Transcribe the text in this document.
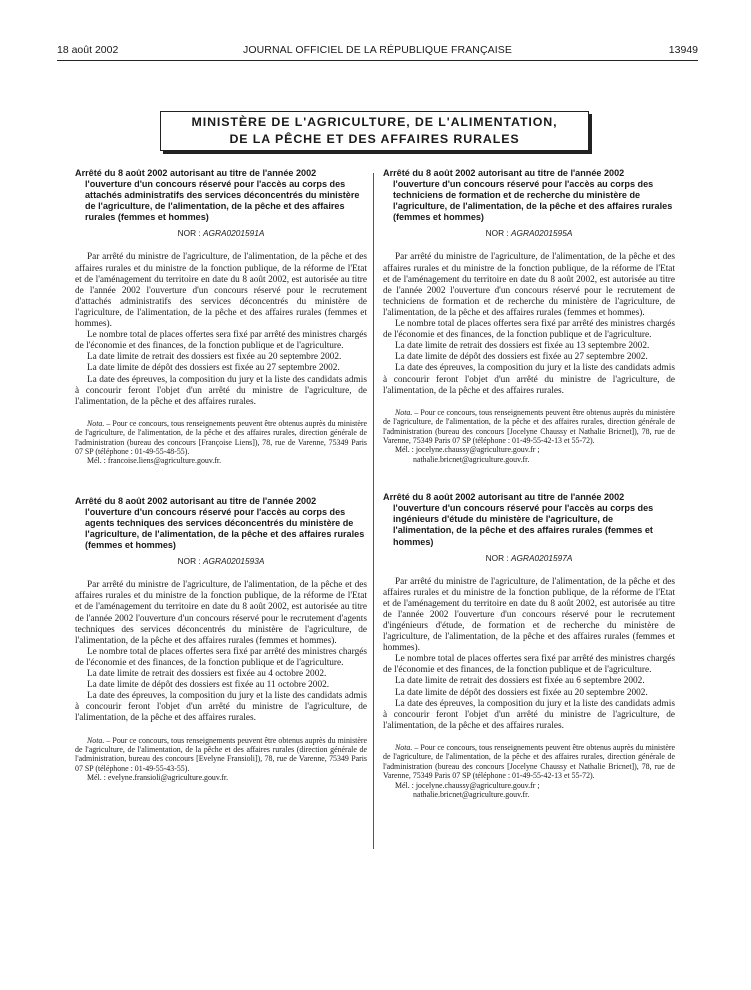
18 août 2002	JOURNAL OFFICIEL DE LA RÉPUBLIQUE FRANÇAISE	13949
MINISTÈRE DE L'AGRICULTURE, DE L'ALIMENTATION,
DE LA PÊCHE ET DES AFFAIRES RURALES
Arrêté du 8 août 2002 autorisant au titre de l'année 2002
l'ouverture d'un concours réservé pour l'accès au corps des attachés administratifs des services déconcentrés du ministère de l'agriculture, de l'alimentation, de la pêche et des affaires rurales (femmes et hommes)
NOR : AGRA0201591A

Par arrêté du ministre de l'agriculture, de l'alimentation, de la pêche et des affaires rurales et du ministre de la fonction publique, de la réforme de l'Etat et de l'aménagement du territoire en date du 8 août 2002, est autorisée au titre de l'année 2002 l'ouverture d'un concours réservé pour le recrutement d'attachés administratifs des services déconcentrés du ministère de l'agriculture, de l'alimentation, de la pêche et des affaires rurales (femmes et hommes).

Le nombre total de places offertes sera fixé par arrêté des ministres chargés de l'économie et des finances, de la fonction publique et de l'agriculture.

La date limite de retrait des dossiers est fixée au 20 septembre 2002.

La date limite de dépôt des dossiers est fixée au 27 septembre 2002.

La date des épreuves, la composition du jury et la liste des candidats admis à concourir feront l'objet d'un arrêté du ministre de l'agriculture, de l'alimentation, de la pêche et des affaires rurales.

Nota. – Pour ce concours, tous renseignements peuvent être obtenus auprès du ministère de l'agriculture, de l'alimentation, de la pêche et des affaires rurales, direction générale de l'administration (bureau des concours [Françoise Liens]), 78, rue de Varenne, 75349 Paris 07 SP (téléphone : 01-49-55-48-55).

Mél. : francoise.liens@agriculture.gouv.fr.
Arrêté du 8 août 2002 autorisant au titre de l'année 2002
l'ouverture d'un concours réservé pour l'accès au corps des agents techniques des services déconcentrés du ministère de l'agriculture, de l'alimentation, de la pêche et des affaires rurales (femmes et hommes)
NOR : AGRA0201593A

Par arrêté du ministre de l'agriculture, de l'alimentation, de la pêche et des affaires rurales et du ministre de la fonction publique, de la réforme de l'Etat et de l'aménagement du territoire en date du 8 août 2002, est autorisée au titre de l'année 2002 l'ouverture d'un concours réservé pour le recrutement d'agents techniques des services déconcentrés du ministère de l'agriculture, de l'alimentation, de la pêche et des affaires rurales (femmes et hommes).

Le nombre total de places offertes sera fixé par arrêté des ministres chargés de l'économie et des finances, de la fonction publique et de l'agriculture.

La date limite de retrait des dossiers est fixée au 4 octobre 2002.

La date limite de dépôt des dossiers est fixée au 11 octobre 2002.

La date des épreuves, la composition du jury et la liste des candidats admis à concourir feront l'objet d'un arrêté du ministre de l'agriculture, de l'alimentation, de la pêche et des affaires rurales.

Nota. – Pour ce concours, tous renseignements peuvent être obtenus auprès du ministère de l'agriculture, de l'alimentation, de la pêche et des affaires rurales (direction générale de l'administration, bureau des concours [Evelyne Fransioli]), 78, rue de Varenne, 75349 Paris 07 SP (téléphone : 01-49-55-43-55).

Mél. : evelyne.fransioli@agriculture.gouv.fr.
Arrêté du 8 août 2002 autorisant au titre de l'année 2002
l'ouverture d'un concours réservé pour l'accès au corps des techniciens de formation et de recherche du ministère de l'agriculture, de l'alimentation, de la pêche et des affaires rurales (femmes et hommes)
NOR : AGRA0201595A

Par arrêté du ministre de l'agriculture, de l'alimentation, de la pêche et des affaires rurales et du ministre de la fonction publique, de la réforme de l'Etat et de l'aménagement du territoire en date du 8 août 2002, est autorisée au titre de l'année 2002 l'ouverture d'un concours réservé pour le recrutement de techniciens de formation et de recherche du ministère de l'agriculture, de l'alimentation, de la pêche et des affaires rurales (femmes et hommes).

Le nombre total de places offertes sera fixé par arrêté des ministres chargés de l'économie et des finances, de la fonction publique et de l'agriculture.

La date limite de retrait des dossiers est fixée au 13 septembre 2002.

La date limite de dépôt des dossiers est fixée au 27 septembre 2002.

La date des épreuves, la composition du jury et la liste des candidats admis à concourir feront l'objet d'un arrêté du ministre de l'agriculture, de l'alimentation, de la pêche et des affaires rurales.

Nota. – Pour ce concours, tous renseignements peuvent être obtenus auprès du ministère de l'agriculture, de l'alimentation, de la pêche et des affaires rurales, direction générale de l'administration (bureau des concours [Jocelyne Chaussy et Nathalie Bricnet]), 78, rue de Varenne, 75349 Paris 07 SP (téléphone : 01-49-55-42-13 et 55-72).

Mél. : jocelyne.chaussy@agriculture.gouv.fr ;
nathalie.bricnet@agriculture.gouv.fr.
Arrêté du 8 août 2002 autorisant au titre de l'année 2002
l'ouverture d'un concours réservé pour l'accès au corps des ingénieurs d'étude du ministère de l'agriculture, de l'alimentation, de la pêche et des affaires rurales (femmes et hommes)
NOR : AGRA0201597A

Par arrêté du ministre de l'agriculture, de l'alimentation, de la pêche et des affaires rurales et du ministre de la fonction publique, de la réforme de l'Etat et de l'aménagement du territoire en date du 8 août 2002, est autorisée au titre de l'année 2002 l'ouverture d'un concours réservé pour le recrutement d'ingénieurs d'étude, de formation et de recherche du ministère de l'agriculture, de l'alimentation, de la pêche et des affaires rurales (femmes et hommes).

Le nombre total de places offertes sera fixé par arrêté des ministres chargés de l'économie et des finances, de la fonction publique et de l'agriculture.

La date limite de retrait des dossiers est fixée au 6 septembre 2002.

La date limite de dépôt des dossiers est fixée au 20 septembre 2002.

La date des épreuves, la composition du jury et la liste des candidats admis à concourir feront l'objet d'un arrêté du ministre de l'agriculture, de l'alimentation, de la pêche et des affaires rurales.

Nota. – Pour ce concours, tous renseignements peuvent être obtenus auprès du ministère de l'agriculture, de l'alimentation, de la pêche et des affaires rurales, direction générale de l'administration (bureau des concours [Jocelyne Chaussy et Nathalie Bricnet]), 78, rue de Varenne, 75349 Paris 07 SP (téléphone : 01-49-55-42-13 et 55-72).

Mél. : jocelyne.chaussy@agriculture.gouv.fr ;
nathalie.bricnet@agriculture.gouv.fr.
